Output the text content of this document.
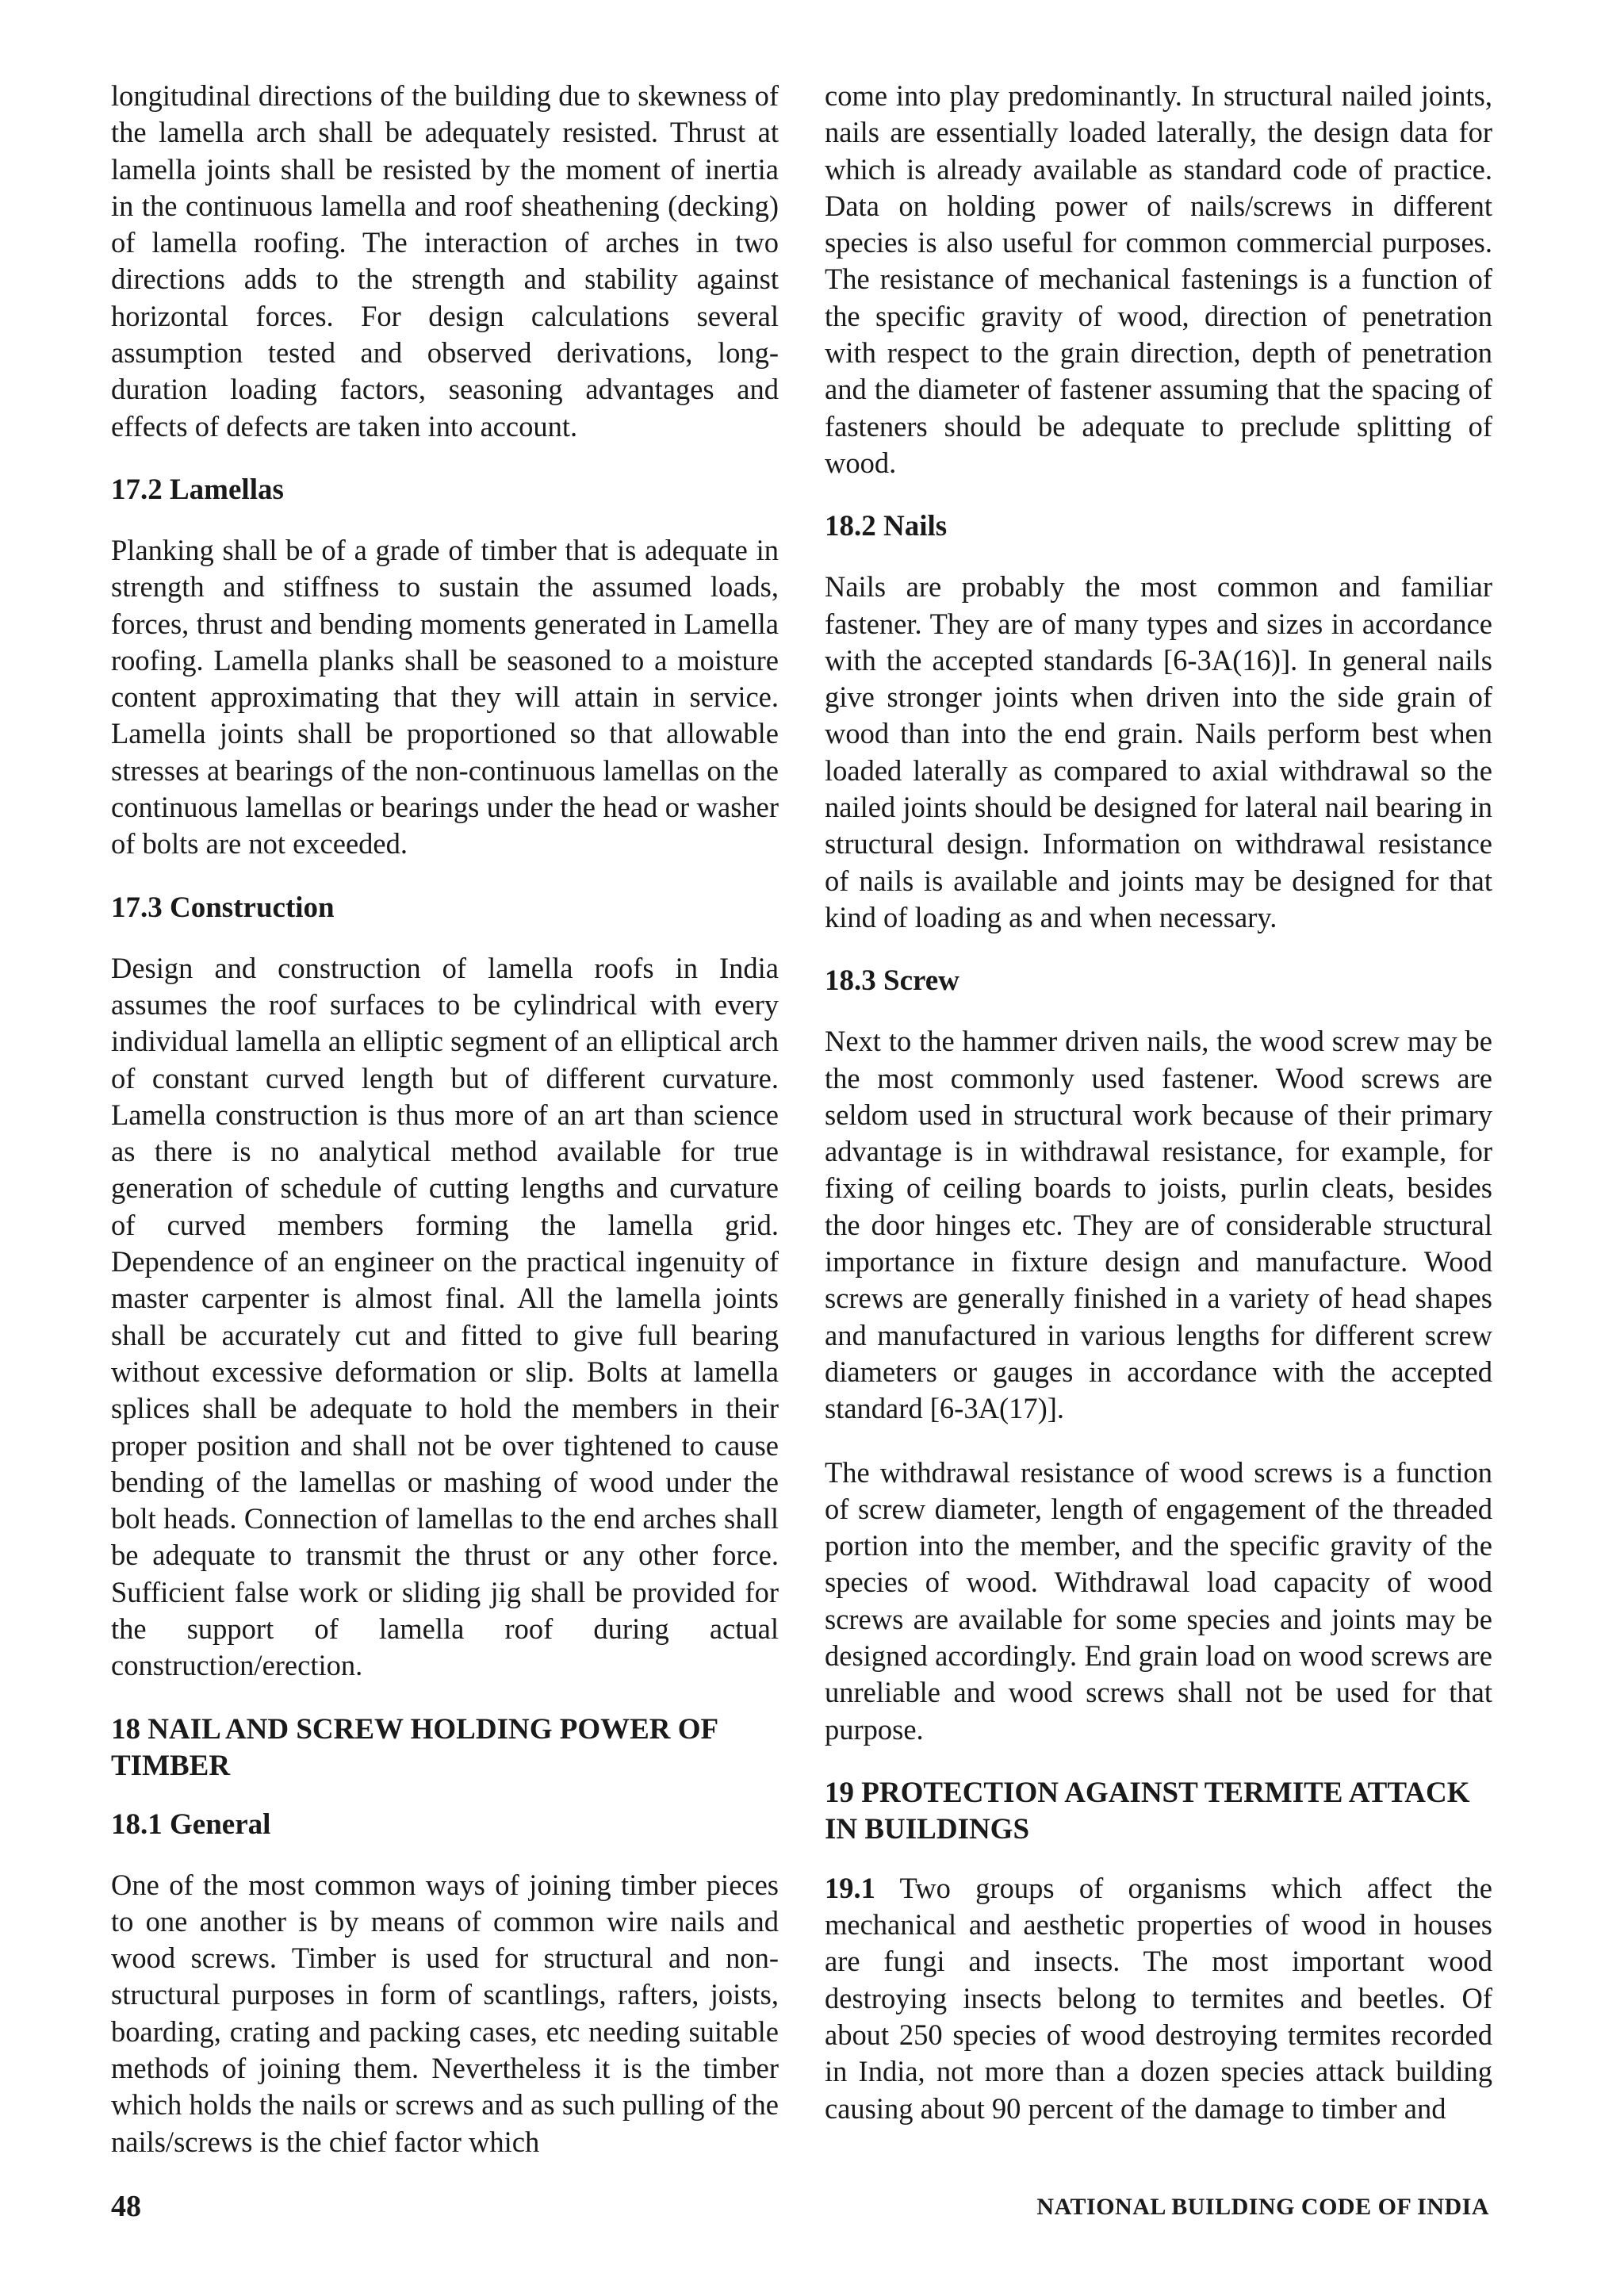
longitudinal directions of the building due to skewness of the lamella arch shall be adequately resisted. Thrust at lamella joints shall be resisted by the moment of inertia in the continuous lamella and roof sheathening (decking) of lamella roofing. The interaction of arches in two directions adds to the strength and stability against horizontal forces. For design calculations several assumption tested and observed derivations, long-duration loading factors, seasoning advantages and effects of defects are taken into account.

17.2 Lamellas

Planking shall be of a grade of timber that is adequate in strength and stiffness to sustain the assumed loads, forces, thrust and bending moments generated in Lamella roofing. Lamella planks shall be seasoned to a moisture content approximating that they will attain in service. Lamella joints shall be proportioned so that allowable stresses at bearings of the non-continuous lamellas on the continuous lamellas or bearings under the head or washer of bolts are not exceeded.

17.3 Construction

Design and construction of lamella roofs in India assumes the roof surfaces to be cylindrical with every individual lamella an elliptic segment of an elliptical arch of constant curved length but of different curvature. Lamella construction is thus more of an art than science as there is no analytical method available for true generation of schedule of cutting lengths and curvature of curved members forming the lamella grid. Dependence of an engineer on the practical ingenuity of master carpenter is almost final. All the lamella joints shall be accurately cut and fitted to give full bearing without excessive deformation or slip. Bolts at lamella splices shall be adequate to hold the members in their proper position and shall not be over tightened to cause bending of the lamellas or mashing of wood under the bolt heads. Connection of lamellas to the end arches shall be adequate to transmit the thrust or any other force. Sufficient false work or sliding jig shall be provided for the support of lamella roof during actual construction/erection.

18 NAIL AND SCREW HOLDING POWER OF TIMBER
18.1 General

One of the most common ways of joining timber pieces to one another is by means of common wire nails and wood screws. Timber is used for structural and non-structural purposes in form of scantlings, rafters, joists, boarding, crating and packing cases, etc needing suitable methods of joining them. Nevertheless it is the timber which holds the nails or screws and as such pulling of the nails/screws is the chief factor which

come into play predominantly. In structural nailed joints, nails are essentially loaded laterally, the design data for which is already available as standard code of practice. Data on holding power of nails/screws in different species is also useful for common commercial purposes. The resistance of mechanical fastenings is a function of the specific gravity of wood, direction of penetration with respect to the grain direction, depth of penetration and the diameter of fastener assuming that the spacing of fasteners should be adequate to preclude splitting of wood.

18.2 Nails

Nails are probably the most common and familiar fastener. They are of many types and sizes in accordance with the accepted standards [6-3A(16)]. In general nails give stronger joints when driven into the side grain of wood than into the end grain. Nails perform best when loaded laterally as compared to axial withdrawal so the nailed joints should be designed for lateral nail bearing in structural design. Information on withdrawal resistance of nails is available and joints may be designed for that kind of loading as and when necessary.

18.3 Screw

Next to the hammer driven nails, the wood screw may be the most commonly used fastener. Wood screws are seldom used in structural work because of their primary advantage is in withdrawal resistance, for example, for fixing of ceiling boards to joists, purlin cleats, besides the door hinges etc. They are of considerable structural importance in fixture design and manufacture. Wood screws are generally finished in a variety of head shapes and manufactured in various lengths for different screw diameters or gauges in accordance with the accepted standard [6-3A(17)].

The withdrawal resistance of wood screws is a function of screw diameter, length of engagement of the threaded portion into the member, and the specific gravity of the species of wood. Withdrawal load capacity of wood screws are available for some species and joints may be designed accordingly. End grain load on wood screws are unreliable and wood screws shall not be used for that purpose.

19 PROTECTION AGAINST TERMITE ATTACK IN BUILDINGS

19.1 Two groups of organisms which affect the mechanical and aesthetic properties of wood in houses are fungi and insects. The most important wood destroying insects belong to termites and beetles. Of about 250 species of wood destroying termites recorded in India, not more than a dozen species attack building causing about 90 percent of the damage to timber and

48	NATIONAL BUILDING CODE OF INDIA
